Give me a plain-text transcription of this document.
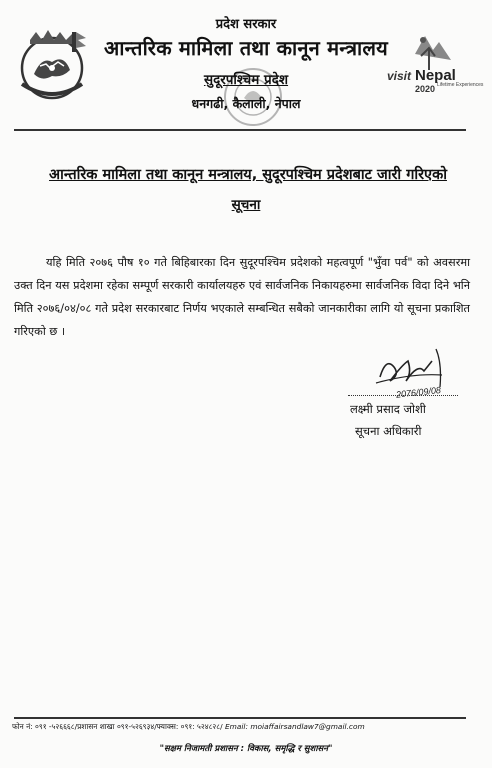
visit Nepal
2020 Lifetime Experiences
प्रदेश सरकार
आन्तरिक मामिला तथा कानून मन्त्रालय
सुदूरपश्चिम प्रदेश
धनगढी, कैलाली, नेपाल
आन्तरिक मामिला तथा कानून मन्त्रालय, सुदूरपश्चिम प्रदेशबाट जारी गरिएको
सूचना
यहि मिति २०७६ पौष १० गते बिहिबारका दिन सुदूरपश्चिम प्रदेशको महत्वपूर्ण "भुँवा पर्व" को अवसरमा उक्त दिन यस प्रदेशमा रहेका सम्पूर्ण सरकारी कार्यालयहरु एवं सार्वजनिक निकायहरुमा सार्वजनिक विदा दिने भनि मिति २०७६/०४/०८ गते प्रदेश सरकारबाट निर्णय भएकाले सम्बन्धित सबैको जानकारीका लागि यो सूचना प्रकाशित गरिएको छ ।
2076/09/08
लक्ष्मी प्रसाद जोशी
सूचना अधिकारी
फोन नं: ०९१ -५२६६६८/प्रशासन शाखा ०९१-५२६९३४/फ्याक्स: ०९१: ५२४८२८/ Email: moiaffairsandlaw7@gmail.com
"सक्षम निजामती प्रशासन : विकास, समृद्धि र सुशासन"
